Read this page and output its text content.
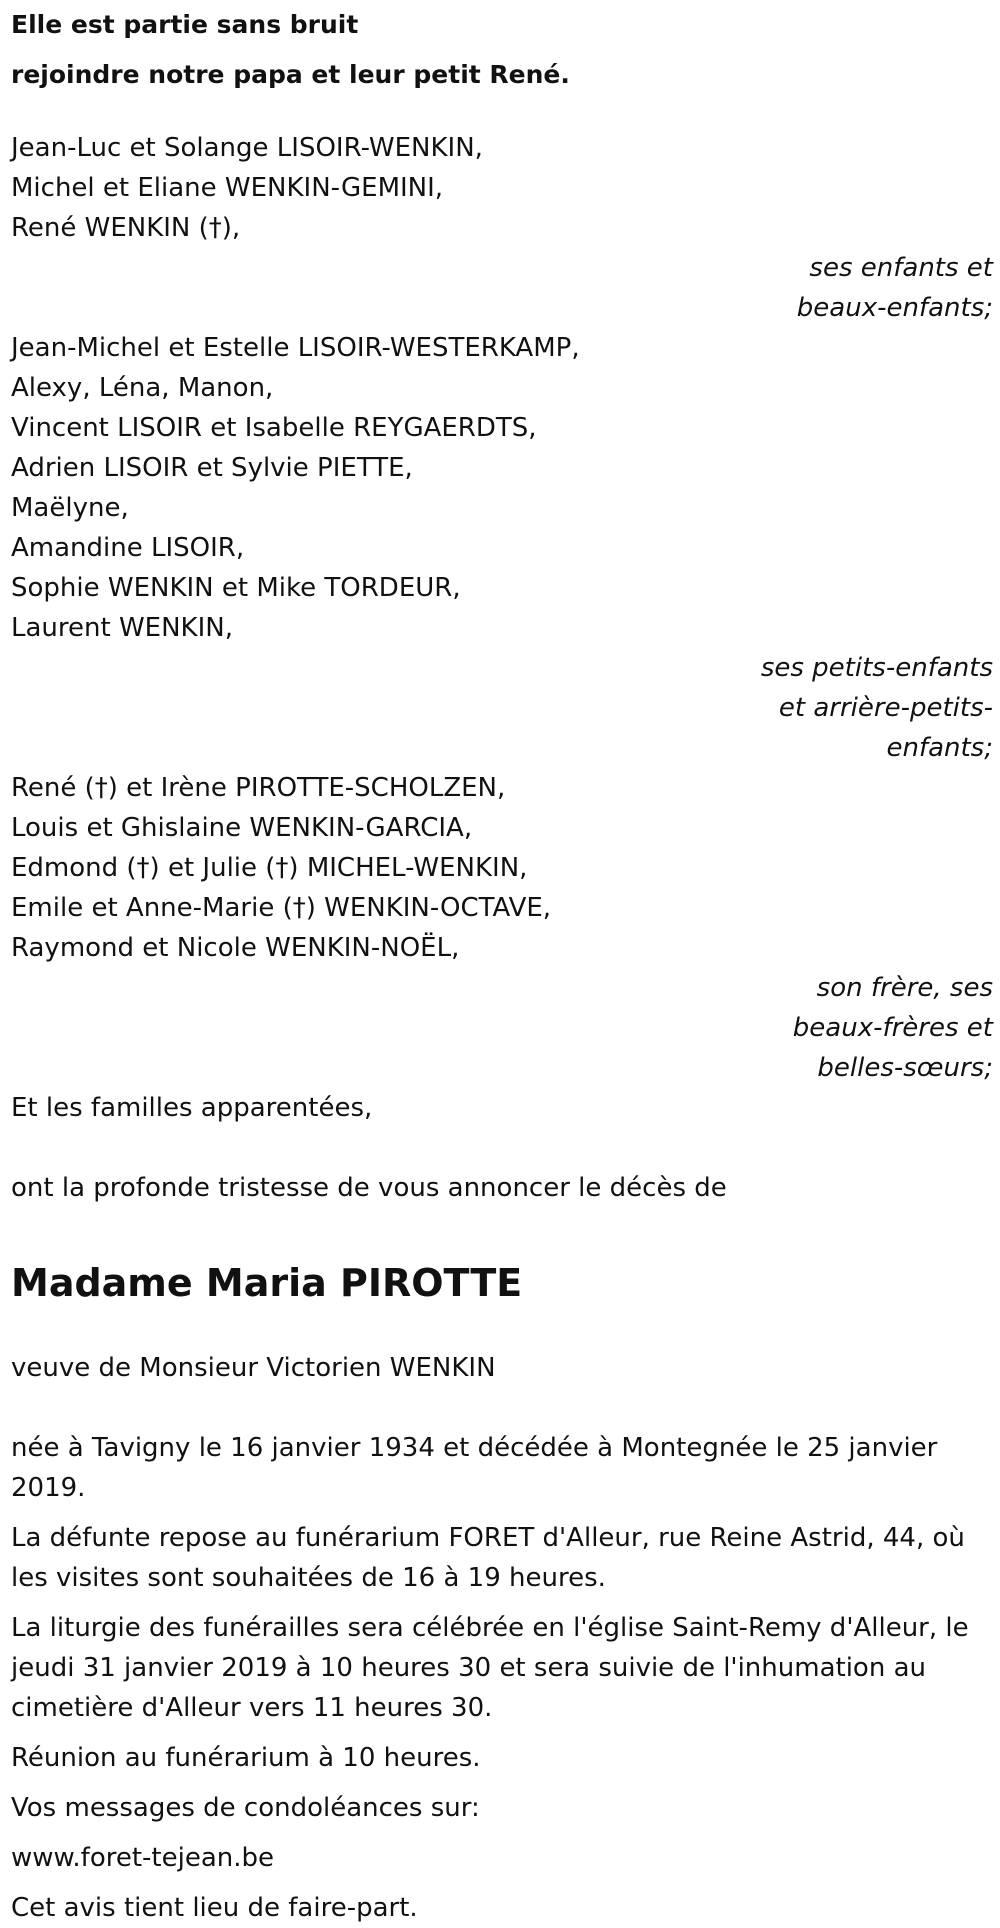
Elle est partie sans bruit
rejoindre notre papa et leur petit René.
Jean-Luc et Solange LISOIR-WENKIN,
Michel et Eliane WENKIN-GEMINI,
René WENKIN (†),
ses enfants et
beaux-enfants;
Jean-Michel et Estelle LISOIR-WESTERKAMP,
Alexy, Léna, Manon,
Vincent LISOIR et Isabelle REYGAERDTS,
Adrien LISOIR et Sylvie PIETTE,
Maëlyne,
Amandine LISOIR,
Sophie WENKIN et Mike TORDEUR,
Laurent WENKIN,
ses petits-enfants
et arrière-petits-
enfants;
René (†) et Irène PIROTTE-SCHOLZEN,
Louis et Ghislaine WENKIN-GARCIA,
Edmond (†) et Julie (†) MICHEL-WENKIN,
Emile et Anne-Marie (†) WENKIN-OCTAVE,
Raymond et Nicole WENKIN-NOËL,
son frère, ses
beaux-frères et
belles-sœurs;
Et les familles apparentées,
ont la profonde tristesse de vous annoncer le décès de
Madame Maria PIROTTE
veuve de Monsieur Victorien WENKIN
née à Tavigny le 16 janvier 1934 et décédée à Montegnée le 25 janvier 2019.
La défunte repose au funérarium FORET d'Alleur, rue Reine Astrid, 44, où les visites sont souhaitées de 16 à 19 heures.
La liturgie des funérailles sera célébrée en l'église Saint-Remy d'Alleur, le jeudi 31 janvier 2019 à 10 heures 30 et sera suivie de l'inhumation au cimetière d'Alleur vers 11 heures 30.
Réunion au funérarium à 10 heures.
Vos messages de condoléances sur:
www.foret-tejean.be
Cet avis tient lieu de faire-part.
